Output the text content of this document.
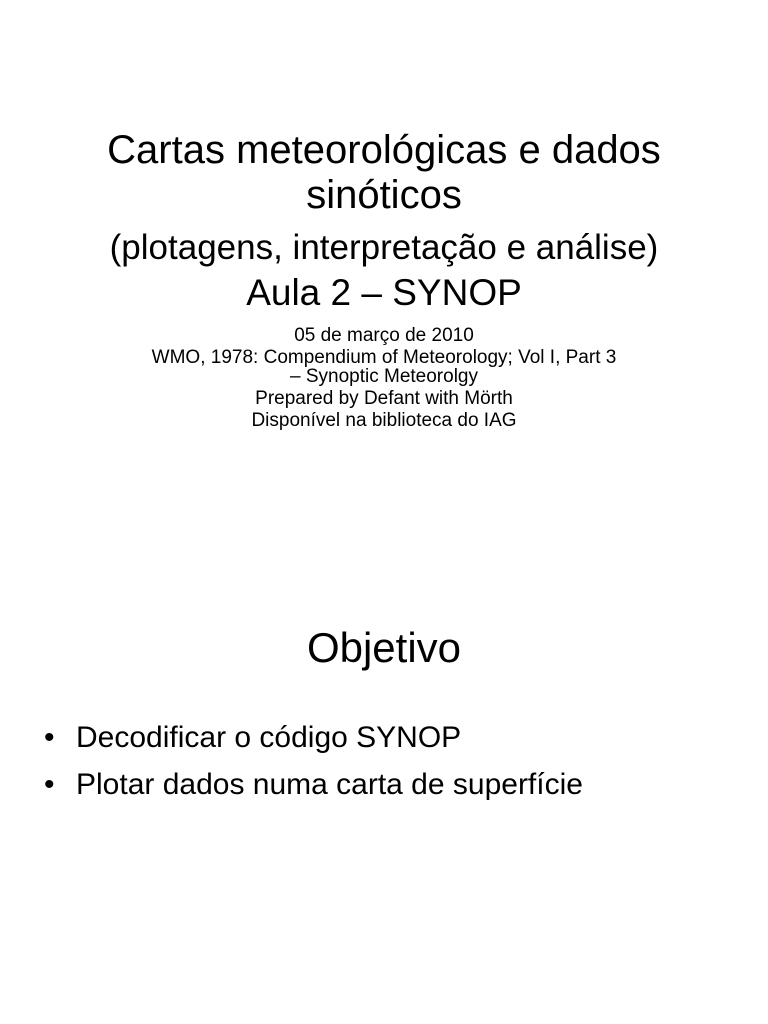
Cartas meteorológicas e dados
sinóticos
(plotagens, interpretação e análise)
Aula 2 – SYNOP
05 de março de 2010
WMO, 1978: Compendium of Meteorology; Vol I, Part 3
– Synoptic Meteorolgy
Prepared by Defant with Mörth
Disponível na biblioteca do IAG
Objetivo
• Decodificar o código SYNOP
• Plotar dados numa carta de superfície
